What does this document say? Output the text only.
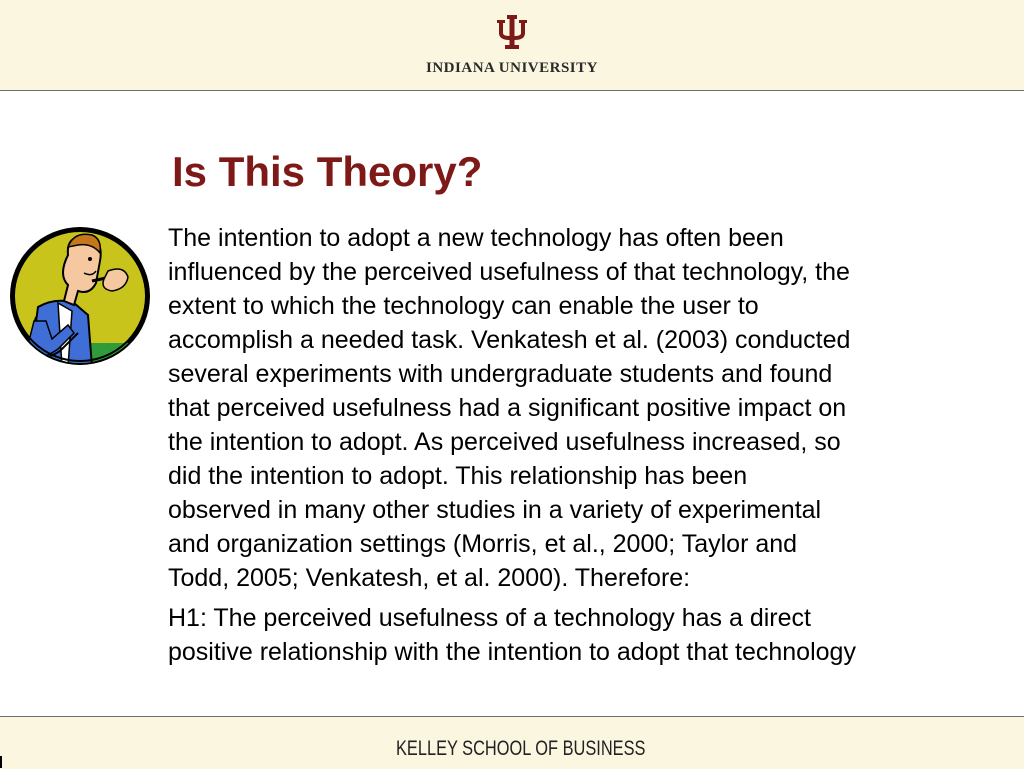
INDIANA UNIVERSITY
Is This Theory?
The intention to adopt a new technology has often been
influenced by the perceived usefulness of that technology, the
extent to which the technology can enable the user to
accomplish a needed task. Venkatesh et al. (2003) conducted
several experiments with undergraduate students and found
that perceived usefulness had a significant positive impact on
the intention to adopt. As perceived usefulness increased, so
did the intention to adopt. This relationship has been
observed in many other studies in a variety of experimental
and organization settings (Morris, et al., 2000; Taylor and
Todd, 2005; Venkatesh, et al. 2000). Therefore:
H1: The perceived usefulness of a technology has a direct
positive relationship with the intention to adopt that technology
KELLEY SCHOOL OF BUSINESS
